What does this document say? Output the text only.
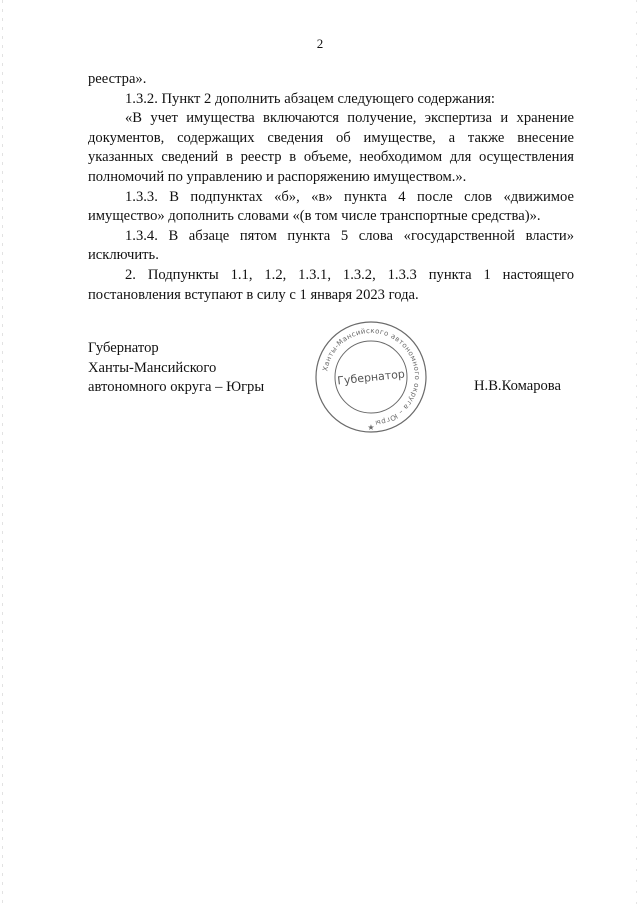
2

реестра».

1.3.2. Пункт 2 дополнить абзацем следующего содержания:

«В учет имущества включаются получение, экспертиза и хранение документов, содержащих сведения об имуществе, а также внесение указанных сведений в реестр в объеме, необходимом для осуществления полномочий по управлению и распоряжению имуществом.».

1.3.3. В подпунктах «б», «в» пункта 4 после слов «движимое имущество» дополнить словами «(в том числе транспортные средства)».

1.3.4. В абзаце пятом пункта 5 слова «государственной власти» исключить.

2. Подпункты 1.1, 1.2, 1.3.1, 1.3.2, 1.3.3 пункта 1 настоящего постановления вступают в силу с 1 января 2023 года.

Губернатор
Ханты-Мансийского
автономного округа – Югры
Ханты-Мансийского автономного округа – Югры
Губернатор
★
Н.В.Комарова
